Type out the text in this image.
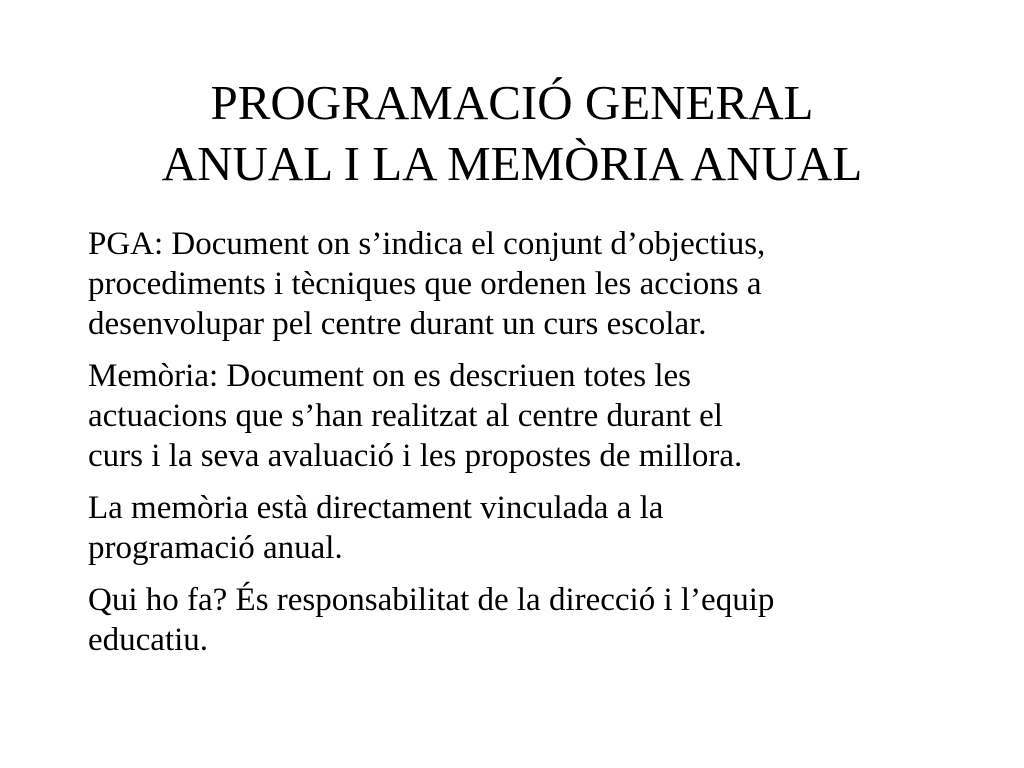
PROGRAMACIÓ GENERAL
ANUAL I LA MEMÒRIA ANUAL
PGA: Document on s’indica el conjunt d’objectius,
procediments i tècniques que ordenen les accions a
desenvolupar pel centre durant un curs escolar.
Memòria: Document on es descriuen totes les
actuacions que s’han realitzat al centre durant el
curs i la seva avaluació i les propostes de millora.
La memòria està directament vinculada a la
programació anual.
Qui ho fa? És responsabilitat de la direcció i l’equip
educatiu.
